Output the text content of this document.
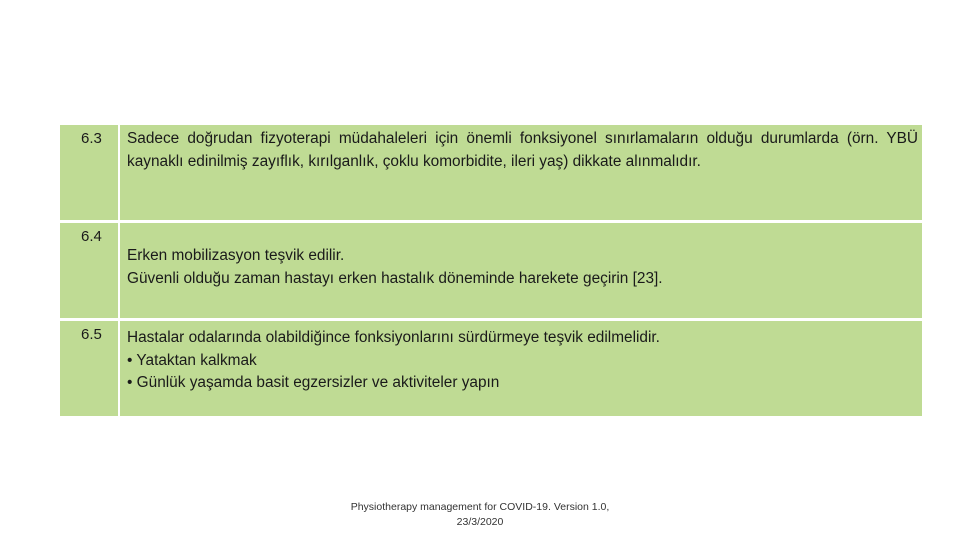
6.3	Sadece doğrudan fizyoterapi müdahaleleri için önemli fonksiyonel sınırlamaların olduğu durumlarda (örn. YBÜ kaynaklı edinilmiş zayıflık, kırılganlık, çoklu komorbidite, ileri yaş) dikkate alınmalıdır.

6.4
Erken mobilizasyon teşvik edilir.
Güvenli olduğu zaman hastayı erken hastalık döneminde harekete geçirin [23].
6.5	Hastalar odalarında olabildiğince fonksiyonlarını sürdürmeye teşvik edilmelidir.
• Yataktan kalkmak
• Günlük yaşamda basit egzersizler ve aktiviteler yapın
Physiotherapy management for COVID-19. Version 1.0,
23/3/2020
